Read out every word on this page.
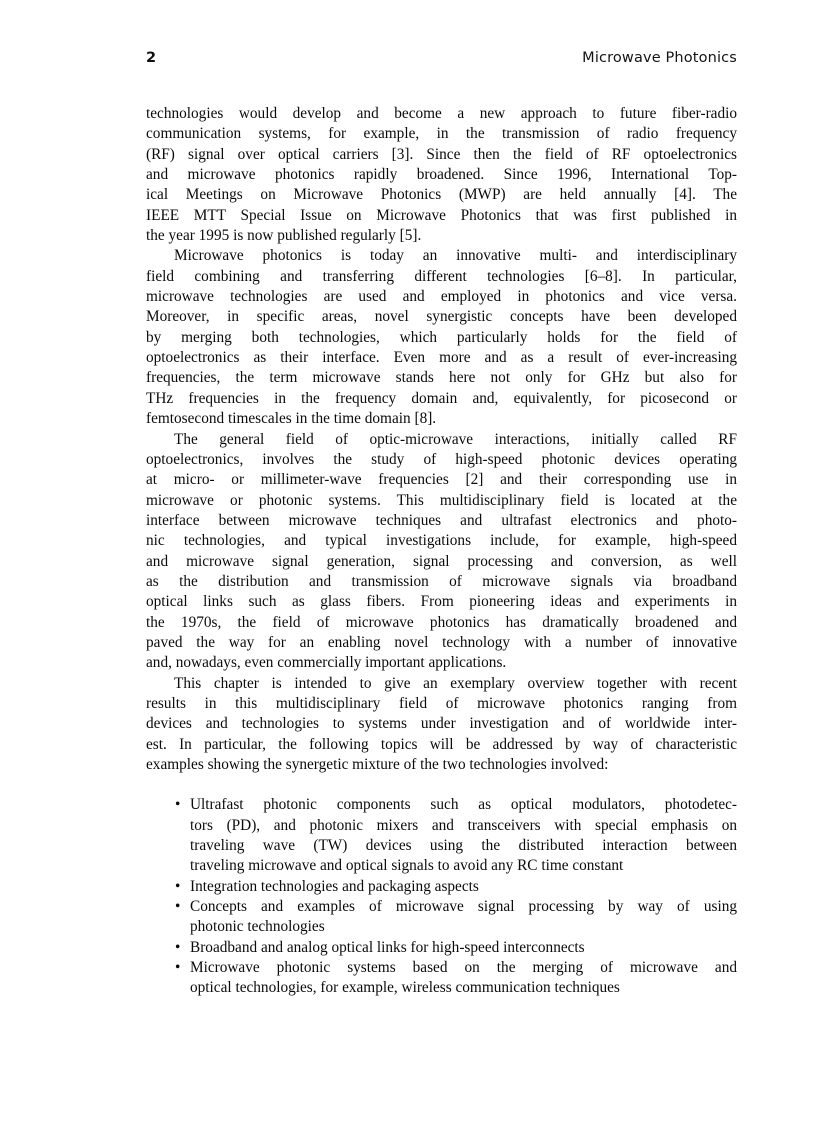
2	Microwave Photonics

technologies would develop and become a new approach to future fiber-radio
communication systems, for example, in the transmission of radio frequency
(RF) signal over optical carriers [3]. Since then the field of RF optoelectronics
and microwave photonics rapidly broadened. Since 1996, International Top-
ical Meetings on Microwave Photonics (MWP) are held annually [4]. The
IEEE MTT Special Issue on Microwave Photonics that was first published in
the year 1995 is now published regularly [5].

Microwave photonics is today an innovative multi- and interdisciplinary
field combining and transferring different technologies [6–8]. In particular,
microwave technologies are used and employed in photonics and vice versa.
Moreover, in specific areas, novel synergistic concepts have been developed
by merging both technologies, which particularly holds for the field of
optoelectronics as their interface. Even more and as a result of ever-increasing
frequencies, the term microwave stands here not only for GHz but also for
THz frequencies in the frequency domain and, equivalently, for picosecond or
femtosecond timescales in the time domain [8].

The general field of optic-microwave interactions, initially called RF
optoelectronics, involves the study of high-speed photonic devices operating
at micro- or millimeter-wave frequencies [2] and their corresponding use in
microwave or photonic systems. This multidisciplinary field is located at the
interface between microwave techniques and ultrafast electronics and photo-
nic technologies, and typical investigations include, for example, high-speed
and microwave signal generation, signal processing and conversion, as well
as the distribution and transmission of microwave signals via broadband
optical links such as glass fibers. From pioneering ideas and experiments in
the 1970s, the field of microwave photonics has dramatically broadened and
paved the way for an enabling novel technology with a number of innovative
and, nowadays, even commercially important applications.

This chapter is intended to give an exemplary overview together with recent
results in this multidisciplinary field of microwave photonics ranging from
devices and technologies to systems under investigation and of worldwide inter-
est. In particular, the following topics will be addressed by way of characteristic
examples showing the synergetic mixture of the two technologies involved:

• Ultrafast photonic components such as optical modulators, photodetec-
tors (PD), and photonic mixers and transceivers with special emphasis on
traveling wave (TW) devices using the distributed interaction between
traveling microwave and optical signals to avoid any RC time constant
• Integration technologies and packaging aspects
• Concepts and examples of microwave signal processing by way of using
photonic technologies
• Broadband and analog optical links for high-speed interconnects
• Microwave photonic systems based on the merging of microwave and
optical technologies, for example, wireless communication techniques
